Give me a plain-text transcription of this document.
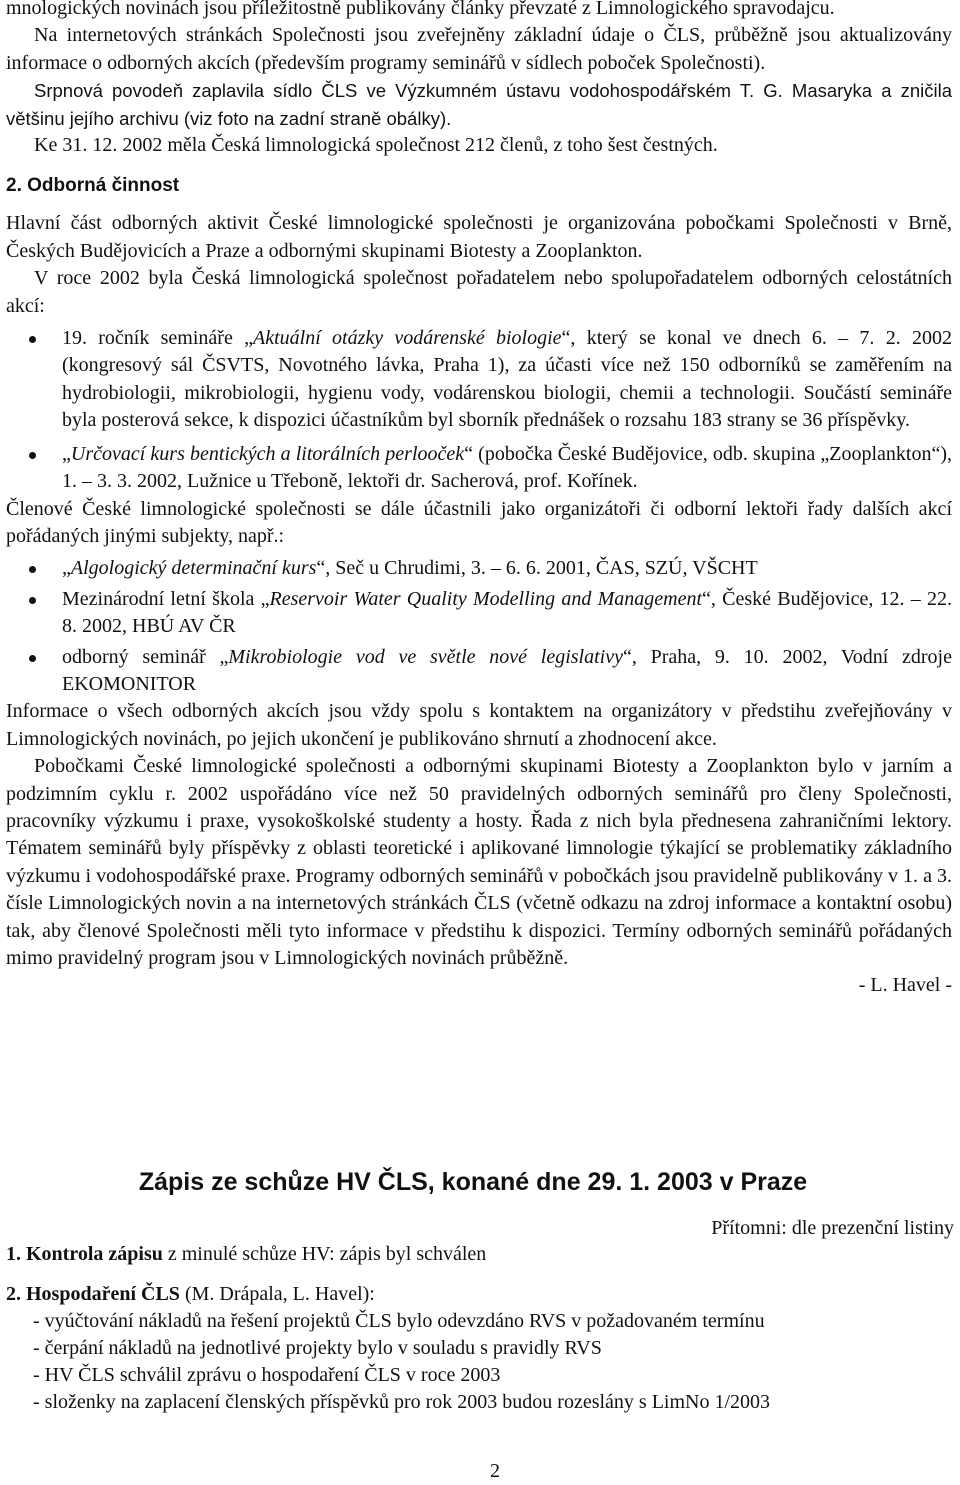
mnologických novinách jsou příležitostně publikovány články převzaté z Limnologického spravodajcu.

Na internetových stránkách Společnosti jsou zveřejněny základní údaje o ČLS, průběžně jsou aktualizovány informace o odborných akcích (především programy seminářů v sídlech poboček Společnosti).

Srpnová povodeň zaplavila sídlo ČLS ve Výzkumném ústavu vodohospodářském T. G. Masaryka a zničila většinu jejího archivu (viz foto na zadní straně obálky).

Ke 31. 12. 2002 měla Česká limnologická společnost 212 členů, z toho šest čestných.

2. Odborná činnost

Hlavní část odborných aktivit České limnologické společnosti je organizována pobočkami Společnosti v Brně, Českých Budějovicích a Praze a odbornými skupinami Biotesty a Zooplankton.

V roce 2002 byla Česká limnologická společnost pořadatelem nebo spolupořadatelem odborných celostátních akcí:

19. ročník semináře „Aktuální otázky vodárenské biologie“, který se konal ve dnech 6. – 7. 2. 2002 (kongresový sál ČSVTS, Novotného lávka, Praha 1), za účasti více než 150 odborníků se zaměřením na hydrobiologii, mikrobiologii, hygienu vody, vodárenskou biologii, chemii a technologii. Součástí semináře byla posterová sekce, k dispozici účastníkům byl sborník přednášek o rozsahu 183 strany se 36 příspěvky.
„Určovací kurs bentických a litorálních perlooček“ (pobočka České Budějovice, odb. skupina „Zooplankton“), 1. – 3. 3. 2002, Lužnice u Třeboně, lektoři dr. Sacherová, prof. Kořínek.

Členové České limnologické společnosti se dále účastnili jako organizátoři či odborní lektoři řady dalších akcí pořádaných jinými subjekty, např.:

„Algologický determinační kurs“, Seč u Chrudimi, 3. – 6. 6. 2001, ČAS, SZÚ, VŠCHT
Mezinárodní letní škola „Reservoir Water Quality Modelling and Management“, České Budějovice, 12. – 22. 8. 2002, HBÚ AV ČR
odborný seminář „Mikrobiologie vod ve světle nové legislativy“, Praha, 9. 10. 2002, Vodní zdroje EKOMONITOR

Informace o všech odborných akcích jsou vždy spolu s kontaktem na organizátory v předstihu zveřejňovány v Limnologických novinách, po jejich ukončení je publikováno shrnutí a zhodnocení akce.

Pobočkami České limnologické společnosti a odbornými skupinami Biotesty a Zooplankton bylo v jarním a podzimním cyklu r. 2002 uspořádáno více než 50 pravidelných odborných seminářů pro členy Společnosti, pracovníky výzkumu i praxe, vysokoškolské studenty a hosty. Řada z nich byla přednesena zahraničními lektory. Tématem seminářů byly příspěvky z oblasti teoretické i aplikované limnologie týkající se problematiky základního výzkumu i vodohospodářské praxe. Programy odborných seminářů v pobočkách jsou pravidelně publikovány v 1. a 3. čísle Limnologických novin a na internetových stránkách ČLS (včetně odkazu na zdroj informace a kontaktní osobu) tak, aby členové Společnosti měli tyto informace v předstihu k dispozici. Termíny odborných seminářů pořádaných mimo pravidelný program jsou v Limnologických novinách průběžně.

- L. Havel -

Zápis ze schůze HV ČLS, konané dne 29. 1. 2003 v Praze

Přítomni: dle prezenční listiny

1. Kontrola zápisu z minulé schůze HV: zápis byl schválen

2. Hospodaření ČLS (M. Drápala, L. Havel):

- vyúčtování nákladů na řešení projektů ČLS bylo odevzdáno RVS v požadovaném termínu

- čerpání nákladů na jednotlivé projekty bylo v souladu s pravidly RVS

- HV ČLS schválil zprávu o hospodaření ČLS v roce 2003

- složenky na zaplacení členských příspěvků pro rok 2003 budou rozeslány s LimNo 1/2003

2
